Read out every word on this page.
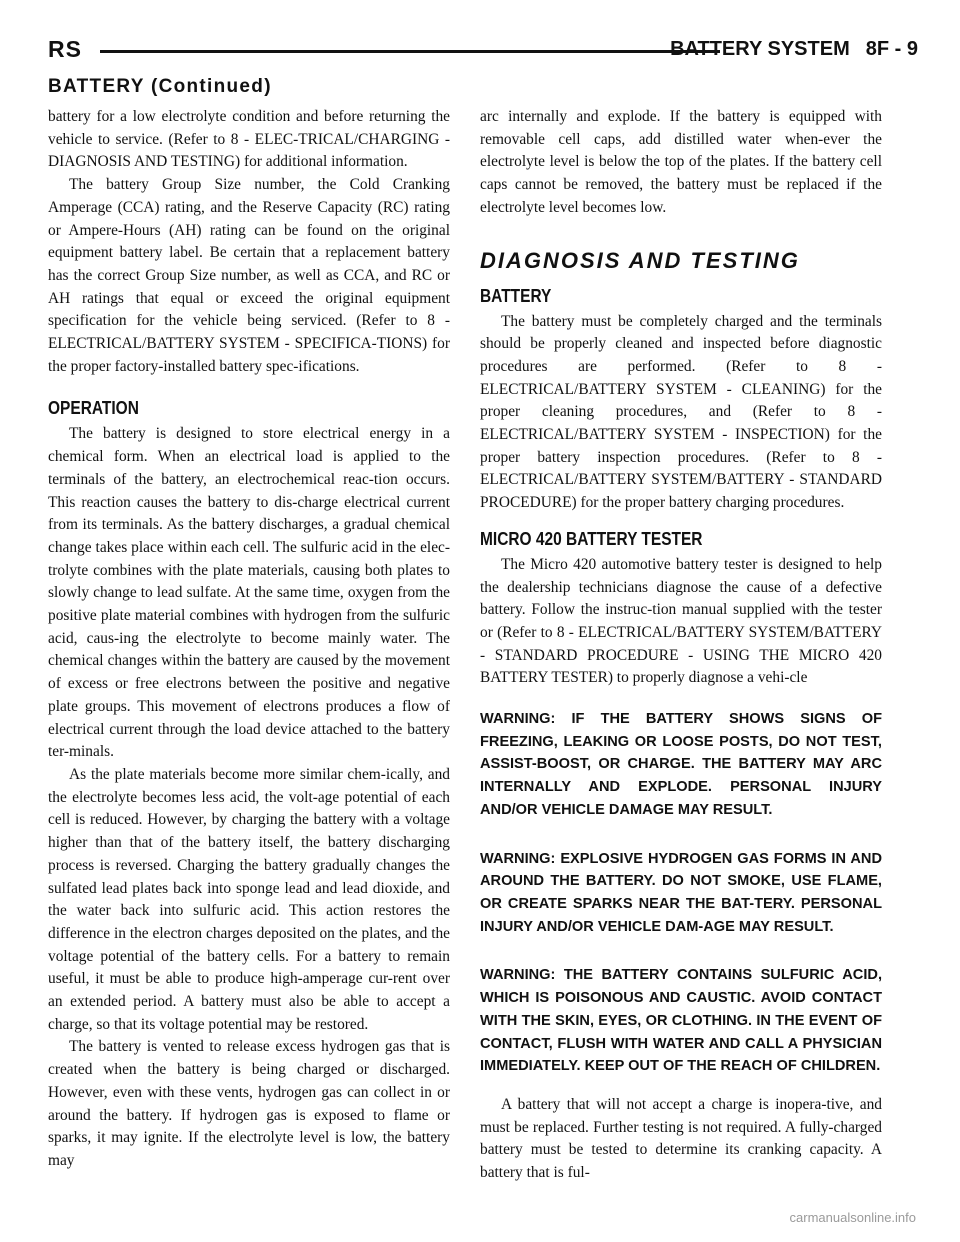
RS	BATTERY SYSTEM 8F - 9
BATTERY (Continued)

battery for a low electrolyte condition and before returning the vehicle to service. (Refer to 8 - ELEC-TRICAL/CHARGING - DIAGNOSIS AND TESTING) for additional information.

The battery Group Size number, the Cold Cranking Amperage (CCA) rating, and the Reserve Capacity (RC) rating or Ampere-Hours (AH) rating can be found on the original equipment battery label. Be certain that a replacement battery has the correct Group Size number, as well as CCA, and RC or AH ratings that equal or exceed the original equipment specification for the vehicle being serviced. (Refer to 8 - ELECTRICAL/BATTERY SYSTEM - SPECIFICA-TIONS) for the proper factory-installed battery spec-ifications.

OPERATION

The battery is designed to store electrical energy in a chemical form. When an electrical load is applied to the terminals of the battery, an electrochemical reac-tion occurs. This reaction causes the battery to dis-charge electrical current from its terminals. As the battery discharges, a gradual chemical change takes place within each cell. The sulfuric acid in the elec-trolyte combines with the plate materials, causing both plates to slowly change to lead sulfate. At the same time, oxygen from the positive plate material combines with hydrogen from the sulfuric acid, caus-ing the electrolyte to become mainly water. The chemical changes within the battery are caused by the movement of excess or free electrons between the positive and negative plate groups. This movement of electrons produces a flow of electrical current through the load device attached to the battery ter-minals.

As the plate materials become more similar chem-ically, and the electrolyte becomes less acid, the volt-age potential of each cell is reduced. However, by charging the battery with a voltage higher than that of the battery itself, the battery discharging process is reversed. Charging the battery gradually changes the sulfated lead plates back into sponge lead and lead dioxide, and the water back into sulfuric acid. This action restores the difference in the electron charges deposited on the plates, and the voltage potential of the battery cells. For a battery to remain useful, it must be able to produce high-amperage cur-rent over an extended period. A battery must also be able to accept a charge, so that its voltage potential may be restored.

The battery is vented to release excess hydrogen gas that is created when the battery is being charged or discharged. However, even with these vents, hydrogen gas can collect in or around the battery. If hydrogen gas is exposed to flame or sparks, it may ignite. If the electrolyte level is low, the battery may

arc internally and explode. If the battery is equipped with removable cell caps, add distilled water when-ever the electrolyte level is below the top of the plates. If the battery cell caps cannot be removed, the battery must be replaced if the electrolyte level becomes low.

DIAGNOSIS AND TESTING
BATTERY

The battery must be completely charged and the terminals should be properly cleaned and inspected before diagnostic procedures are performed. (Refer to 8 - ELECTRICAL/BATTERY SYSTEM - CLEANING) for the proper cleaning procedures, and (Refer to 8 - ELECTRICAL/BATTERY SYSTEM - INSPECTION) for the proper battery inspection procedures. (Refer to 8 - ELECTRICAL/BATTERY SYSTEM/BATTERY - STANDARD PROCEDURE) for the proper battery charging procedures.

MICRO 420 BATTERY TESTER

The Micro 420 automotive battery tester is designed to help the dealership technicians diagnose the cause of a defective battery. Follow the instruc-tion manual supplied with the tester or (Refer to 8 - ELECTRICAL/BATTERY SYSTEM/BATTERY - STANDARD PROCEDURE - USING THE MICRO 420 BATTERY TESTER) to properly diagnose a vehi-cle

WARNING: IF THE BATTERY SHOWS SIGNS OF FREEZING, LEAKING OR LOOSE POSTS, DO NOT TEST, ASSIST-BOOST, OR CHARGE. THE BATTERY MAY ARC INTERNALLY AND EXPLODE. PERSONAL INJURY AND/OR VEHICLE DAMAGE MAY RESULT.

WARNING: EXPLOSIVE HYDROGEN GAS FORMS IN AND AROUND THE BATTERY. DO NOT SMOKE, USE FLAME, OR CREATE SPARKS NEAR THE BAT-TERY. PERSONAL INJURY AND/OR VEHICLE DAM-AGE MAY RESULT.

WARNING: THE BATTERY CONTAINS SULFURIC ACID, WHICH IS POISONOUS AND CAUSTIC. AVOID CONTACT WITH THE SKIN, EYES, OR CLOTHING. IN THE EVENT OF CONTACT, FLUSH WITH WATER AND CALL A PHYSICIAN IMMEDIATELY. KEEP OUT OF THE REACH OF CHILDREN.

A battery that will not accept a charge is inopera-tive, and must be replaced. Further testing is not required. A fully-charged battery must be tested to determine its cranking capacity. A battery that is ful-

carmanualsonline.info
